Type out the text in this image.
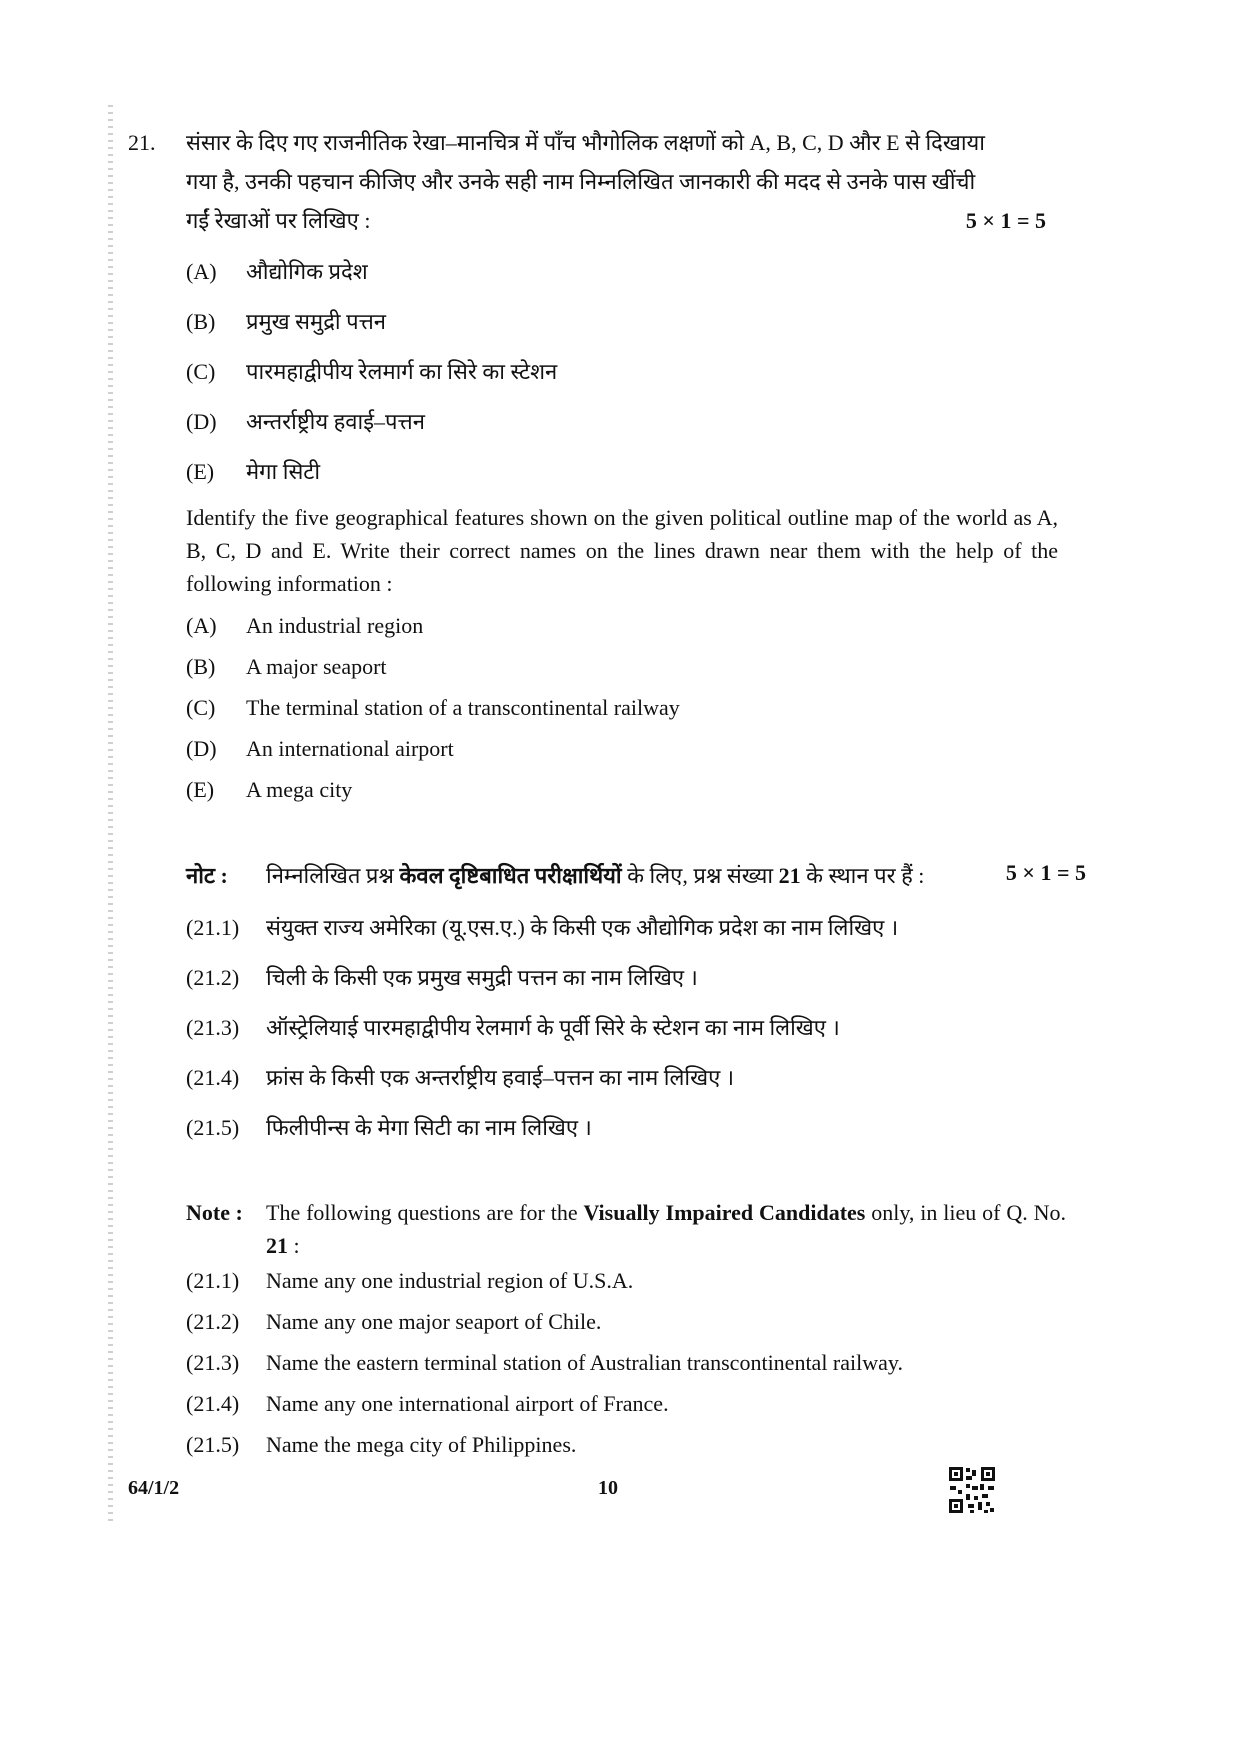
21. संसार के दिए गए राजनीतिक रेखा–मानचित्र में पाँच भौगोलिक लक्षणों को A, B, C, D और E से दिखाया
गया है, उनकी पहचान कीजिए और उनके सही नाम निम्नलिखित जानकारी की मदद से उनके पास खींची
गईं रेखाओं पर लिखिए :	5 × 1 = 5
(A) औद्योगिक प्रदेश
(B) प्रमुख समुद्री पत्तन
(C) पारमहाद्वीपीय रेलमार्ग का सिरे का स्टेशन
(D) अन्तर्राष्ट्रीय हवाई–पत्तन
(E) मेगा सिटी
Identify the five geographical features shown on the given political outline map of the world as A, B, C, D and E. Write their correct names on the lines drawn near them with the help of the following information :
(A) An industrial region
(B) A major seaport
(C) The terminal station of a transcontinental railway
(D) An international airport
(E) A mega city
नोट : निम्नलिखित प्रश्न केवल दृष्टिबाधित परीक्षार्थियों के लिए, प्रश्न संख्या 21 के स्थान पर हैं :	5 × 1 = 5
(21.1) संयुक्त राज्य अमेरिका (यू.एस.ए.) के किसी एक औद्योगिक प्रदेश का नाम लिखिए ।
(21.2) चिली के किसी एक प्रमुख समुद्री पत्तन का नाम लिखिए ।
(21.3) ऑस्ट्रेलियाई पारमहाद्वीपीय रेलमार्ग के पूर्वी सिरे के स्टेशन का नाम लिखिए ।
(21.4) फ्रांस के किसी एक अन्तर्राष्ट्रीय हवाई–पत्तन का नाम लिखिए ।
(21.5) फिलीपीन्स के मेगा सिटी का नाम लिखिए ।
Note : The following questions are for the Visually Impaired Candidates only, in lieu of Q. No. 21 :
(21.1) Name any one industrial region of U.S.A.
(21.2) Name any one major seaport of Chile.
(21.3) Name the eastern terminal station of Australian transcontinental railway.
(21.4) Name any one international airport of France.
(21.5) Name the mega city of Philippines.
64/1/2	10
